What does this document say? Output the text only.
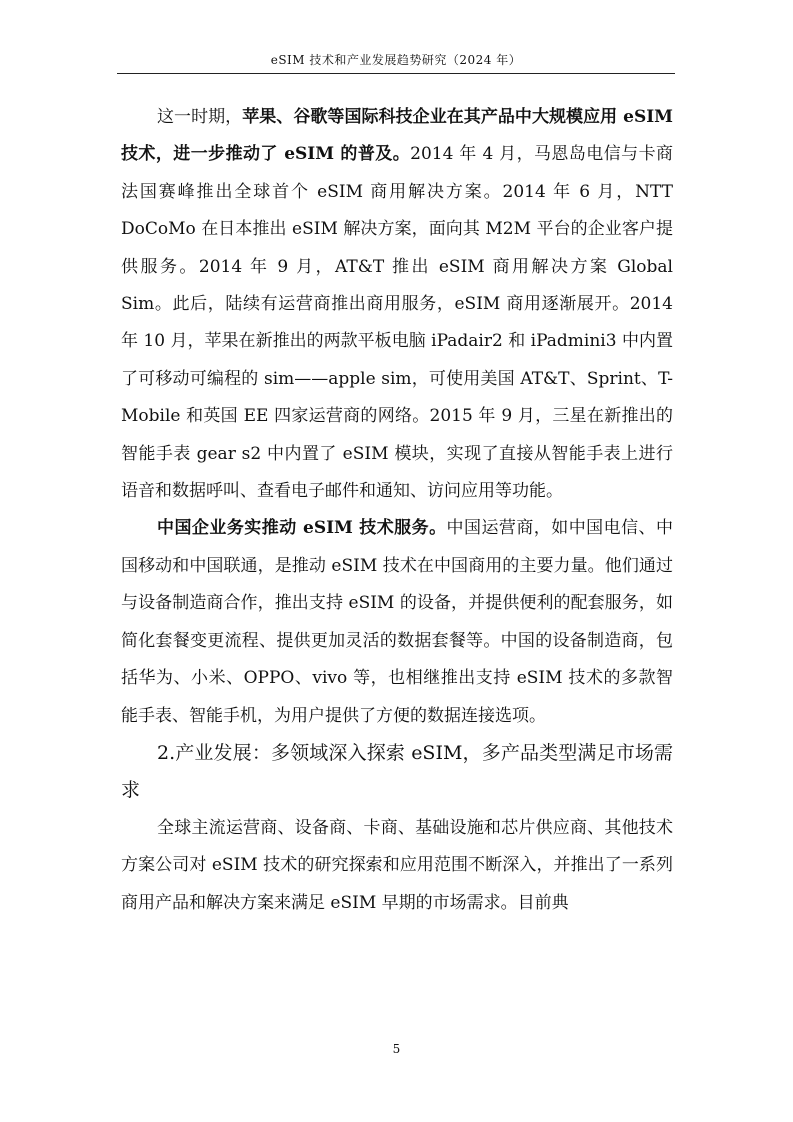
eSIM 技术和产业发展趋势研究（2024 年）

这一时期，苹果、谷歌等国际科技企业在其产品中大规模应用 eSIM 技术，进一步推动了 eSIM 的普及。2014 年 4 月，马恩岛电信与卡商法国赛峰推出全球首个 eSIM 商用解决方案。2014 年 6 月，NTT DoCoMo 在日本推出 eSIM 解决方案，面向其 M2M 平台的企业客户提供服务。2014 年 9 月，AT&T 推出 eSIM 商用解决方案 Global Sim。此后，陆续有运营商推出商用服务，eSIM 商用逐渐展开。2014 年 10 月，苹果在新推出的两款平板电脑 iPadair2 和 iPadmini3 中内置了可移动可编程的 sim——apple sim，可使用美国 AT&T、Sprint、T-Mobile 和英国 EE 四家运营商的网络。2015 年 9 月，三星在新推出的智能手表 gear s2 中内置了 eSIM 模块，实现了直接从智能手表上进行语音和数据呼叫、查看电子邮件和通知、访问应用等功能。

中国企业务实推动 eSIM 技术服务。中国运营商，如中国电信、中国移动和中国联通，是推动 eSIM 技术在中国商用的主要力量。他们通过与设备制造商合作，推出支持 eSIM 的设备，并提供便利的配套服务，如简化套餐变更流程、提供更加灵活的数据套餐等。中国的设备制造商，包括华为、小米、OPPO、vivo 等，也相继推出支持 eSIM 技术的多款智能手表、智能手机，为用户提供了方便的数据连接选项。

2.产业发展：多领域深入探索 eSIM，多产品类型满足市场需求

全球主流运营商、设备商、卡商、基础设施和芯片供应商、其他技术方案公司对 eSIM 技术的研究探索和应用范围不断深入，并推出了一系列商用产品和解决方案来满足 eSIM 早期的市场需求。目前典

5
